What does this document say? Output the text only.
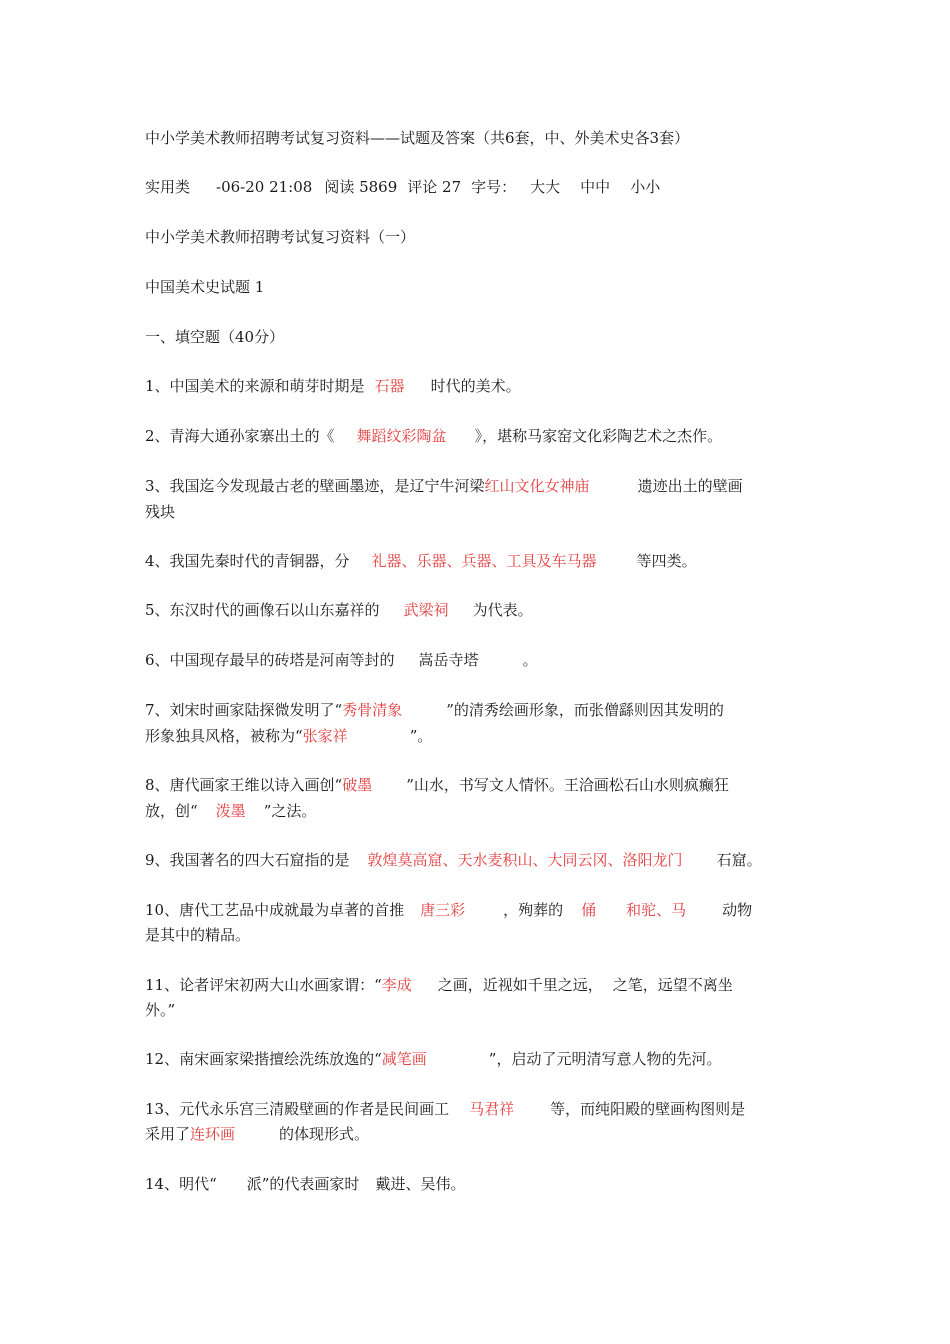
中小学美术教师招聘考试复习资料——试题及答案（共6套，中、外美术史各3套）
实用类 -06-20 21:08 阅读 5869 评论 27 字号： 大大 中中 小小
中小学美术教师招聘考试复习资料（一）
中国美术史试题 1
一、填空题（40分）
1、中国美术的来源和萌芽时期是 石器 时代的美术。
2、青海大通孙家寨出土的《 舞蹈纹彩陶盆 》，堪称马家窑文化彩陶艺术之杰作。
3、我国迄今发现最古老的壁画墨迹，是辽宁牛河梁红山文化女神庙	遗迹出土的壁画
残块
4、我国先秦时代的青铜器，分 礼器、乐器、兵器、工具及车马器	等四类。
5、东汉时代的画像石以山东嘉祥的 武梁祠 为代表。
6、中国现存最早的砖塔是河南等封的 嵩岳寺塔	。
7、刘宋时画家陆探微发明了“秀骨清象	”的清秀绘画形象，而张僧繇则因其发明的
形象独具风格，被称为“张家祥	”。
8、唐代画家王维以诗入画创“破墨 ”山水，书写文人情怀。王洽画松石山水则疯癫狂
放，创“ 泼墨 ”之法。
9、我国著名的四大石窟指的是 敦煌莫高窟、天水麦积山、大同云冈、洛阳龙门 石窟。
10、唐代工艺品中成就最为卓著的首推 唐三彩	，殉葬的 俑 和驼、马 动物
是其中的精品。
11、论者评宋初两大山水画家谓：“李成 之画，近视如千里之远， 之笔，远望不离坐
外。”
12、南宋画家梁揩擅绘洗练放逸的“减笔画	”，启动了元明清写意人物的先河。
13、元代永乐宫三清殿壁画的作者是民间画工 马君祥 等，而纯阳殿的壁画构图则是
采用了连环画	的体现形式。
14、明代“ 派”的代表画家时 戴进、吴伟。
